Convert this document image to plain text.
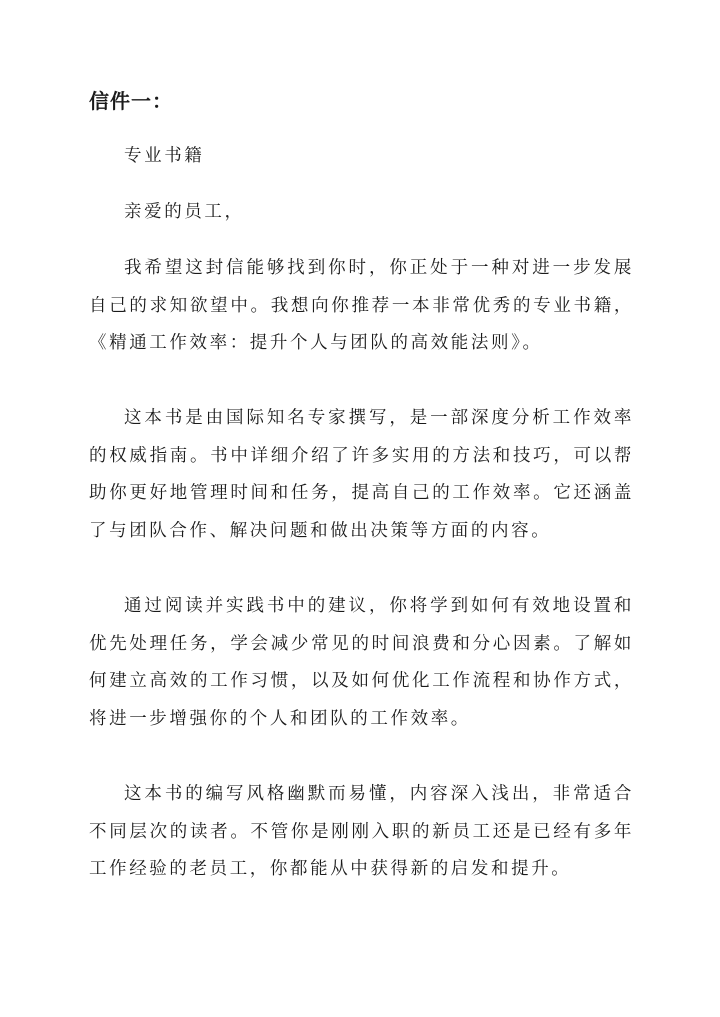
信件一：
专业书籍
亲爱的员工，
我希望这封信能够找到你时，你正处于一种对进一步发展自己的求知欲望中。我想向你推荐一本非常优秀的专业书籍，《精通工作效率：提升个人与团队的高效能法则》。
这本书是由国际知名专家撰写，是一部深度分析工作效率的权威指南。书中详细介绍了许多实用的方法和技巧，可以帮助你更好地管理时间和任务，提高自己的工作效率。它还涵盖了与团队合作、解决问题和做出决策等方面的内容。
通过阅读并实践书中的建议，你将学到如何有效地设置和优先处理任务，学会减少常见的时间浪费和分心因素。了解如何建立高效的工作习惯，以及如何优化工作流程和协作方式，将进一步增强你的个人和团队的工作效率。
这本书的编写风格幽默而易懂，内容深入浅出，非常适合不同层次的读者。不管你是刚刚入职的新员工还是已经有多年工作经验的老员工，你都能从中获得新的启发和提升。
